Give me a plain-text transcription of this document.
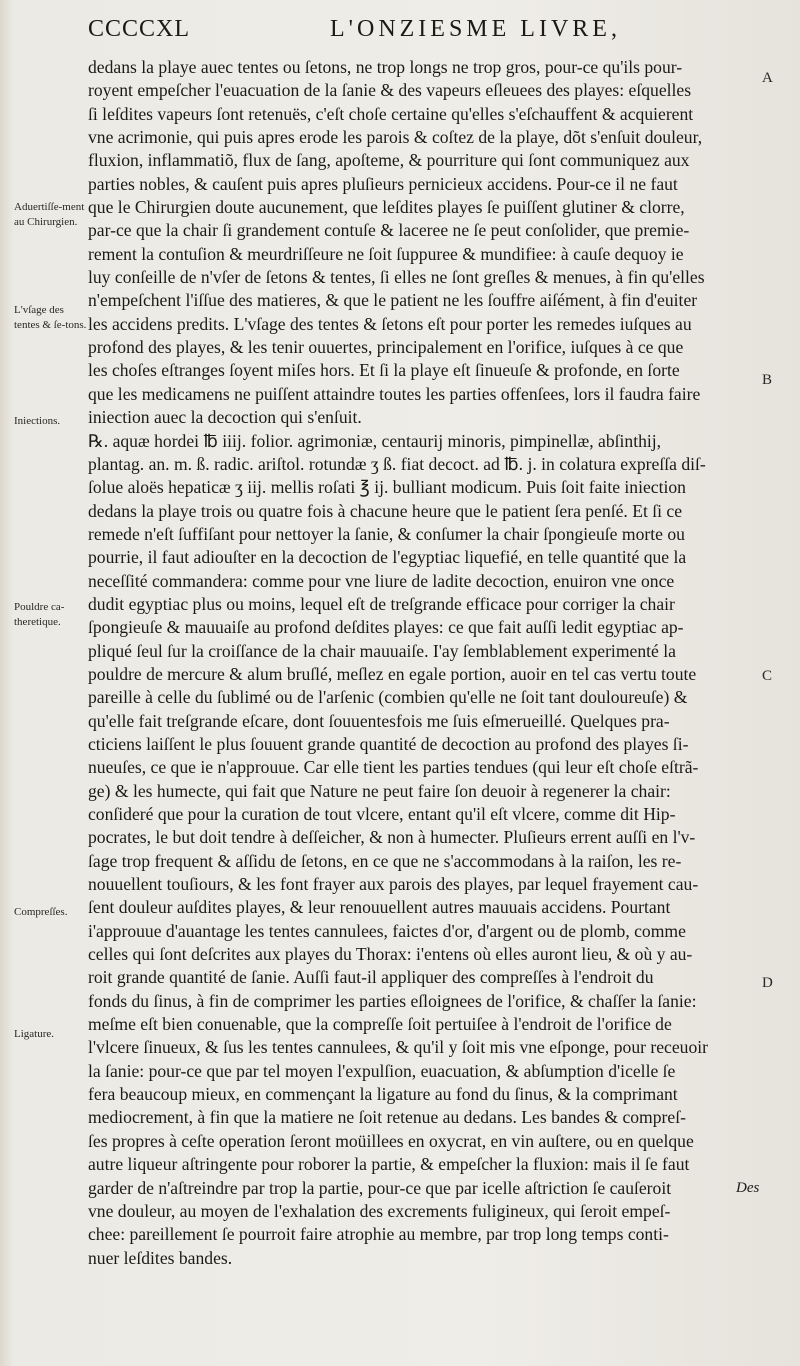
CCCCXL	L'ONZIESME LIVRE,
dedans la playe auec tentes ou ſetons, ne trop longs ne trop gros, pour-ce qu'ils pour-
royent empeſcher l'euacuation de la ſanie & des vapeurs eſleuees des playes: eſquelles
ſi leſdites vapeurs ſont retenuës, c'eſt choſe certaine qu'elles s'eſchauffent & acquierent
vne acrimonie, qui puis apres erode les parois & coſtez de la playe, dõt s'enſuit douleur,
fluxion, inflammatiõ, flux de ſang, apoſteme, & pourriture qui ſont communiquez aux
parties nobles, & cauſent puis apres pluſieurs pernicieux accidens. Pour-ce il ne faut
que le Chirurgien doute aucunement, que leſdites playes ſe puiſſent glutiner & clorre,
par-ce que la chair ſi grandement contuſe & laceree ne ſe peut conſolider, que premie-
rement la contuſion & meurdriſſeure ne ſoit ſuppuree & mundifiee: à cauſe dequoy ie
luy conſeille de n'vſer de ſetons & tentes, ſi elles ne ſont greſles & menues, à fin qu'elles
n'empeſchent l'iſſue des matieres, & que le patient ne les ſouffre aiſément, à fin d'euiter
les accidens predits. L'vſage des tentes & ſetons eſt pour porter les remedes iuſques au
profond des playes, & les tenir ouuertes, principalement en l'orifice, iuſques à ce que
les choſes eſtranges ſoyent miſes hors. Et ſi la playe eſt ſinueuſe & profonde, en ſorte
que les medicamens ne puiſſent attaindre toutes les parties offenſees, lors il faudra faire
iniection auec la decoction qui s'enſuit.
℞. aquæ hordei ℔ iiij. folior. agrimoniæ, centaurij minoris, pimpinellæ, abſinthij,
plantag. an. m. ß. radic. ariſtol. rotundæ ʒ ß. fiat decoct. ad ℔. j. in colatura expreſſa diſ-
ſolue aloës hepaticæ ʒ iij. mellis roſati ℥ ij. bulliant modicum. Puis ſoit faite iniection
dedans la playe trois ou quatre fois à chacune heure que le patient ſera penſé. Et ſi ce
remede n'eſt ſuffiſant pour nettoyer la ſanie, & conſumer la chair ſpongieuſe morte ou
pourrie, il faut adiouſter en la decoction de l'egyptiac liquefié, en telle quantité que la
neceſſité commandera: comme pour vne liure de ladite decoction, enuiron vne once
dudit egyptiac plus ou moins, lequel eſt de treſgrande efficace pour corriger la chair
ſpongieuſe & mauuaiſe au profond deſdites playes: ce que fait auſſi ledit egyptiac ap-
pliqué ſeul ſur la croiſſance de la chair mauuaiſe. I'ay ſemblablement experimenté la
pouldre de mercure & alum bruſlé, meſlez en egale portion, auoir en tel cas vertu toute
pareille à celle du ſublimé ou de l'arſenic (combien qu'elle ne ſoit tant douloureuſe) &
qu'elle fait treſgrande eſcare, dont ſouuentesfois me ſuis eſmerueillé. Quelques pra-
cticiens laiſſent le plus ſouuent grande quantité de decoction au profond des playes ſi-
nueuſes, ce que ie n'approuue. Car elle tient les parties tendues (qui leur eſt choſe eſtrã-
ge) & les humecte, qui fait que Nature ne peut faire ſon deuoir à regenerer la chair:
conſideré que pour la curation de tout vlcere, entant qu'il eſt vlcere, comme dit Hip-
pocrates, le but doit tendre à deſſeicher, & non à humecter. Pluſieurs errent auſſi en l'v-
ſage trop frequent & aſſidu de ſetons, en ce que ne s'accommodans à la raiſon, les re-
nouuellent touſiours, & les font frayer aux parois des playes, par lequel frayement cau-
ſent douleur auſdites playes, & leur renouuellent autres mauuais accidens. Pourtant
i'approuue d'auantage les tentes cannulees, faictes d'or, d'argent ou de plomb, comme
celles qui ſont deſcrites aux playes du Thorax: i'entens où elles auront lieu, & où y au-
roit grande quantité de ſanie. Auſſi faut-il appliquer des compreſſes à l'endroit du
fonds du ſinus, à fin de comprimer les parties eſloignees de l'orifice, & chaſſer la ſanie:
meſme eſt bien conuenable, que la compreſſe ſoit pertuiſee à l'endroit de l'orifice de
l'vlcere ſinueux, & ſus les tentes cannulees, & qu'il y ſoit mis vne eſponge, pour receuoir
la ſanie: pour-ce que par tel moyen l'expulſion, euacuation, & abſumption d'icelle ſe
fera beaucoup mieux, en commençant la ligature au fond du ſinus, & la comprimant
mediocrement, à fin que la matiere ne ſoit retenue au dedans. Les bandes & compreſ-
ſes propres à ceſte operation ſeront moüillees en oxycrat, en vin auſtere, ou en quelque
autre liqueur aſtringente pour roborer la partie, & empeſcher la fluxion: mais il ſe faut
garder de n'aſtreindre par trop la partie, pour-ce que par icelle aſtriction ſe cauſeroit
vne douleur, au moyen de l'exhalation des excrements fuligineux, qui ſeroit empeſ-
chee: pareillement ſe pourroit faire atrophie au membre, par trop long temps conti-
nuer leſdites bandes.
Aduertiſſe-ment au Chirurgien.
L'vſage des tentes & ſe-tons.
Iniections.
Pouldre ca-theretique.
Compreſſes.
Ligature.
A
B
C
D
Des
